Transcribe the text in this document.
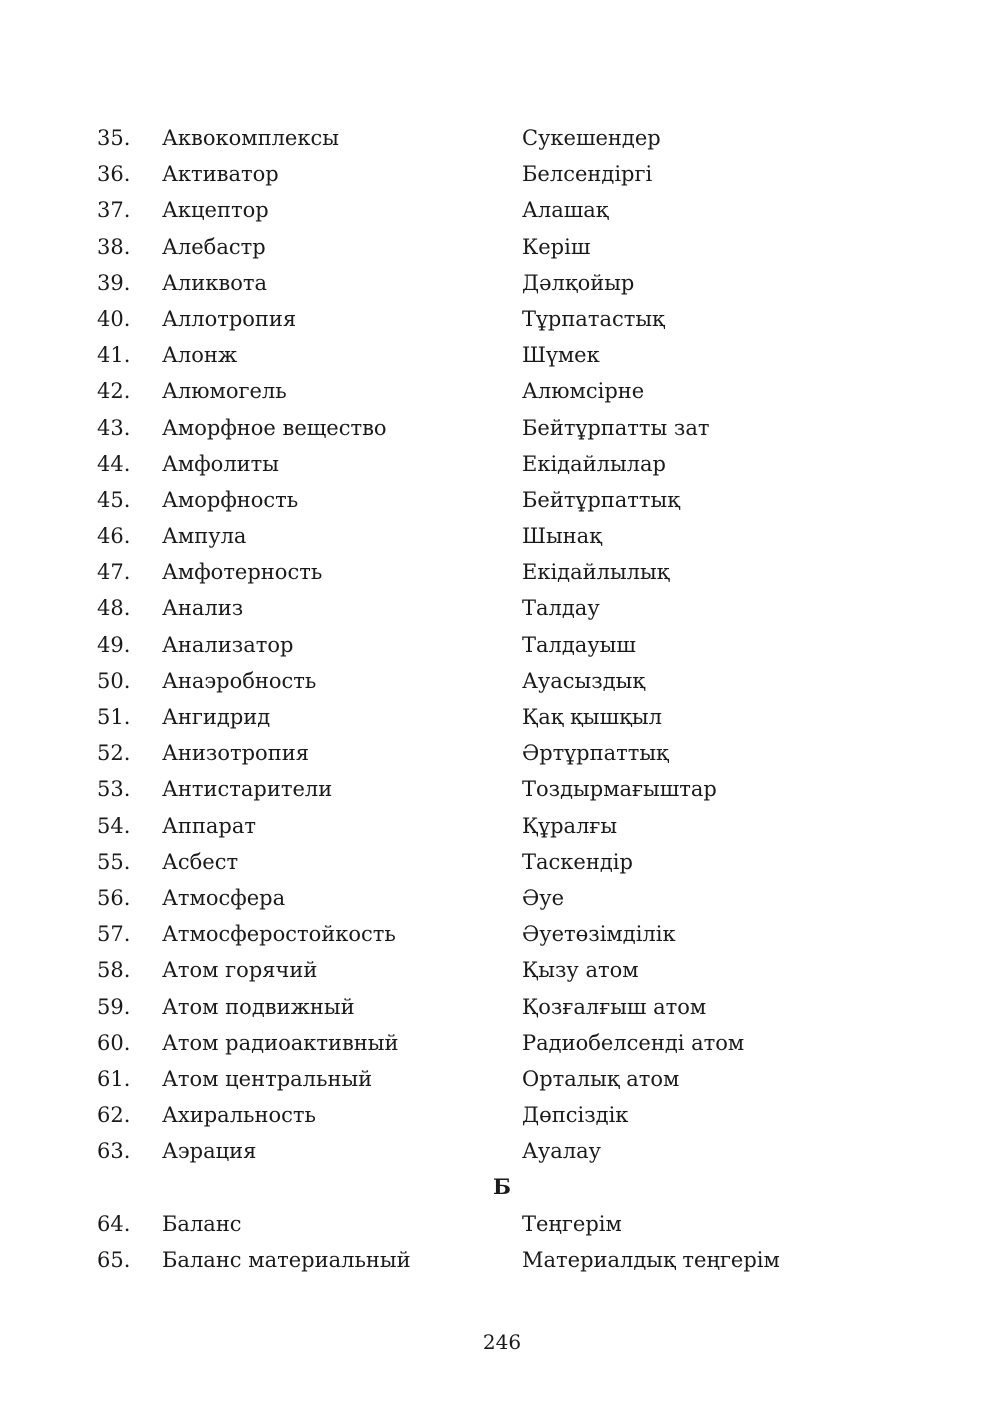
35. Аквокомплексы	Сукешендер
36. Активатор	Белсендіргі
37. Акцептор	Алашақ
38. Алебастр	Керіш
39. Аликвота	Дәлқойыр
40. Аллотропия	Тұрпатастық
41. Алонж	Шүмек
42. Алюмогель	Алюмсірне
43. Аморфное вещество	Бейтұрпатты зат
44. Амфолиты	Екідайлылар
45. Аморфность	Бейтұрпаттық
46. Ампула	Шынақ
47. Амфотерность	Екідайлылық
48. Анализ	Талдау
49. Анализатор	Талдауыш
50. Анаэробность	Ауасыздық
51. Ангидрид	Қақ қышқыл
52. Анизотропия	Әртұрпаттық
53. Антистарители	Тоздырмағыштар
54. Аппарат	Құралғы
55. Асбест	Таскендір
56. Атмосфера	Әуе
57. Атмосферостойкость	Әуетөзімділік
58. Атом горячий	Қызу атом
59. Атом подвижный	Қозғалғыш атом
60. Атом радиоактивный	Радиобелсенді атом
61. Атом центральный	Орталық атом
62. Ахиральность	Дөпсіздік
63. Аэрация	Ауалау
Б
64. Баланс	Теңгерім
65. Баланс материальный	Материалдық теңгерім
246
